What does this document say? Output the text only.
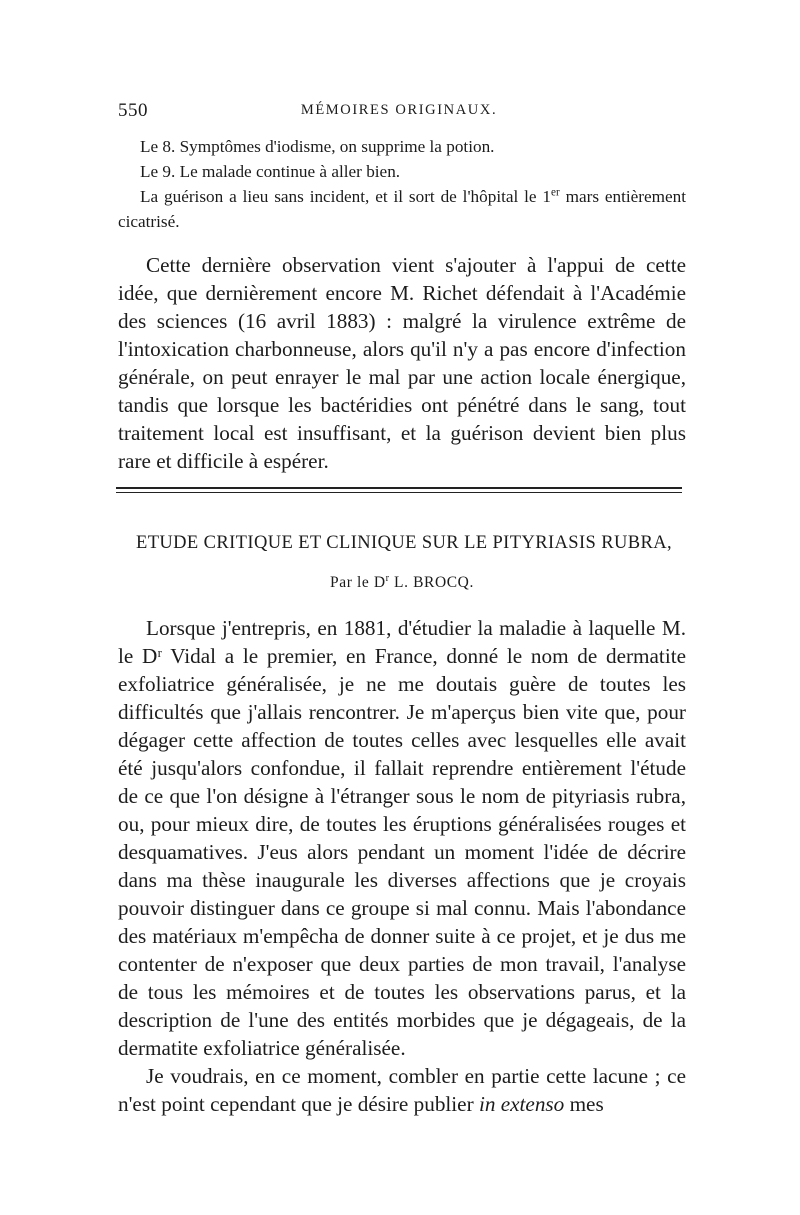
550	MÉMOIRES ORIGINAUX.

Le 8. Symptômes d'iodisme, on supprime la potion.

Le 9. Le malade continue à aller bien.

La guérison a lieu sans incident, et il sort de l'hôpital le 1er mars entièrement cicatrisé.

Cette dernière observation vient s'ajouter à l'appui de cette idée, que dernièrement encore M. Richet défendait à l'Académie des sciences (16 avril 1883) : malgré la virulence extrême de l'intoxication charbonneuse, alors qu'il n'y a pas encore d'infection générale, on peut enrayer le mal par une action locale énergique, tandis que lorsque les bactéridies ont pénétré dans le sang, tout traitement local est insuffisant, et la guérison devient bien plus rare et difficile à espérer.

ETUDE CRITIQUE ET CLINIQUE SUR LE PITYRIASIS RUBRA,
Par le $D^r$ L. BROCQ.

Lorsque j'entrepris, en 1881, d'étudier la maladie à laquelle M. le Dʳ Vidal a le premier, en France, donné le nom de dermatite exfoliatrice généralisée, je ne me doutais guère de toutes les difficultés que j'allais rencontrer. Je m'aperçus bien vite que, pour dégager cette affection de toutes celles avec lesquelles elle avait été jusqu'alors confondue, il fallait reprendre entièrement l'étude de ce que l'on désigne à l'étranger sous le nom de pityriasis rubra, ou, pour mieux dire, de toutes les éruptions généralisées rouges et desquamatives. J'eus alors pendant un moment l'idée de décrire dans ma thèse inaugurale les diverses affections que je croyais pouvoir distinguer dans ce groupe si mal connu. Mais l'abondance des matériaux m'empêcha de donner suite à ce projet, et je dus me contenter de n'exposer que deux parties de mon travail, l'analyse de tous les mémoires et de toutes les observations parus, et la description de l'une des entités morbides que je dégageais, de la dermatite exfoliatrice généralisée.

Je voudrais, en ce moment, combler en partie cette lacune ; ce n'est point cependant que je désire publier in extenso mes
